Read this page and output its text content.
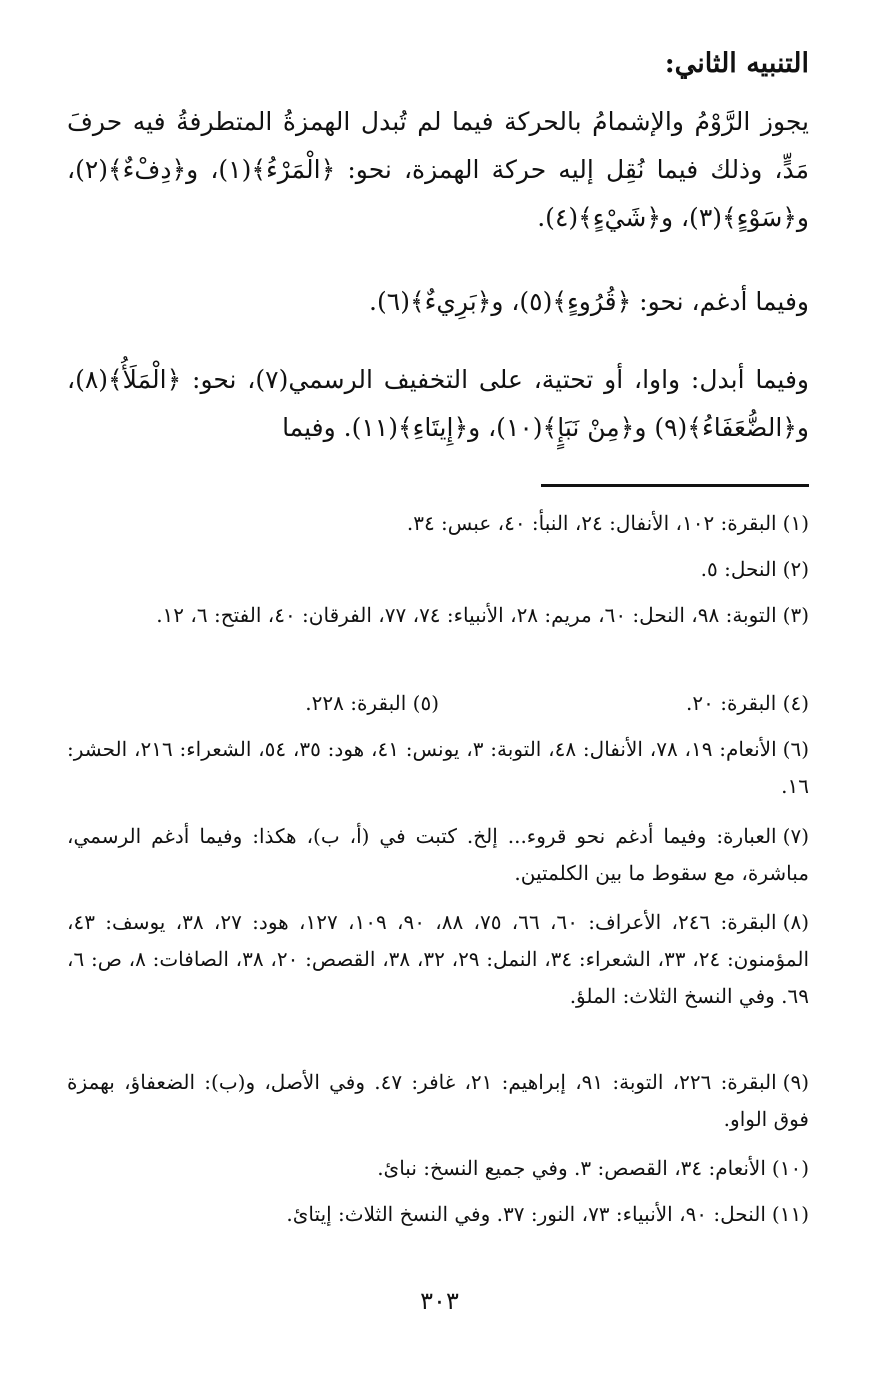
التنبيه الثاني:
يجوز الرَّوْمُ والإشمامُ بالحركة فيما لم تُبدل الهمزةُ المتطرفةُ فيه حرفَ مَدٍّ، وذلك فيما نُقِل إليه حركة الهمزة، نحو: ﴿الْمَرْءُ﴾(١)، و﴿دِفْءٌ﴾(٢)، و﴿سَوْءٍ﴾(٣)، و﴿شَيْءٍ﴾(٤).
وفيما أدغم، نحو: ﴿قُرُوءٍ﴾(٥)، و﴿بَرِيءٌ﴾(٦).
وفيما أبدل: واوا، أو تحتية، على التخفيف الرسمي(٧)، نحو: ﴿الْمَلَأُ﴾(٨)، و﴿الضُّعَفَاءُ﴾(٩) و﴿مِنْ نَبَإٍ﴾(١٠)، و﴿إِيتَاءِ﴾(١١). وفيما
(١)البقرة: ١٠٢، الأنفال: ٢٤، النبأ: ٤٠، عبس: ٣٤.
(٢)النحل: ٥.
(٣)التوبة: ٩٨، النحل: ٦٠، مريم: ٢٨، الأنبياء: ٧٤، ٧٧، الفرقان: ٤٠، الفتح: ٦، ١٢.
(٤) البقرة: ٢٠.
(٥) البقرة: ٢٢٨.
(٦)الأنعام: ١٩، ٧٨، الأنفال: ٤٨، التوبة: ٣، يونس: ٤١، هود: ٣٥، ٥٤، الشعراء: ٢١٦، الحشر: ١٦.
(٧)العبارة: وفيما أدغم نحو قروء... إلخ. كتبت في (أ، ب)، هكذا: وفيما أدغم الرسمي، مباشرة، مع سقوط ما بين الكلمتين.
(٨)البقرة: ٢٤٦، الأعراف: ٦٠، ٦٦، ٧٥، ٨٨، ٩٠، ١٠٩، ١٢٧، هود: ٢٧، ٣٨، يوسف: ٤٣، المؤمنون: ٢٤، ٣٣، الشعراء: ٣٤، النمل: ٢٩، ٣٢، ٣٨، القصص: ٢٠، ٣٨، الصافات: ٨، ص: ٦، ٦٩. وفي النسخ الثلاث: الملؤ.
(٩)البقرة: ٢٢٦، التوبة: ٩١، إبراهيم: ٢١، غافر: ٤٧. وفي الأصل، و(ب): الضعفاؤ، بهمزة فوق الواو.
(١٠)الأنعام: ٣٤، القصص: ٣. وفي جميع النسخ: نبائ.
(١١)النحل: ٩٠، الأنبياء: ٧٣، النور: ٣٧. وفي النسخ الثلاث: إيتائ.
٣٠٣
